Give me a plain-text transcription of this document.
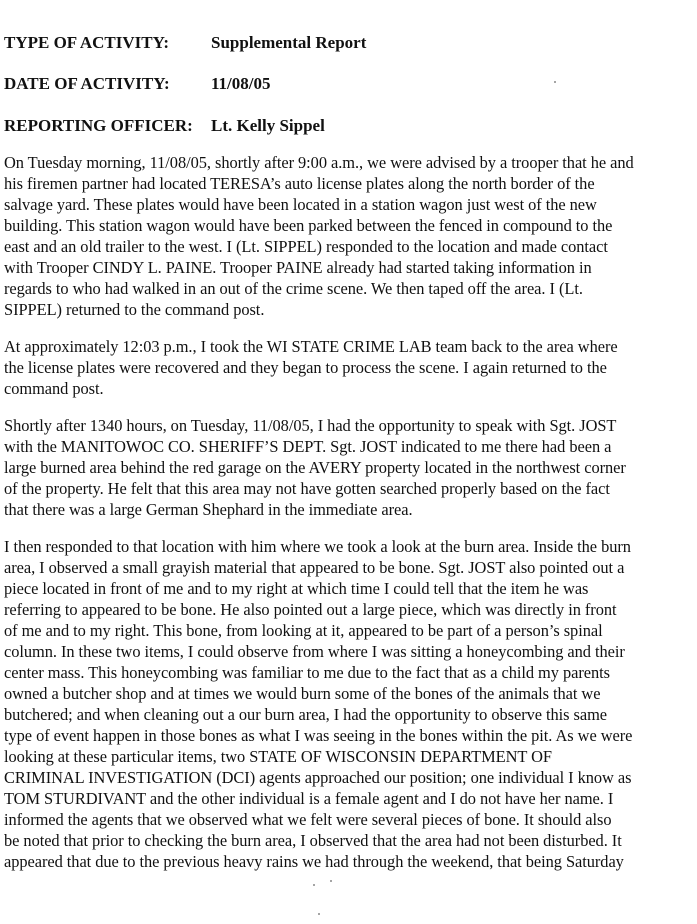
TYPE OF ACTIVITY: Supplemental Report
DATE OF ACTIVITY: 11/08/05
REPORTING OFFICER: Lt. Kelly Sippel
On Tuesday morning, 11/08/05, shortly after 9:00 a.m., we were advised by a trooper that he and
his firemen partner had located TERESA’s auto license plates along the north border of the
salvage yard. These plates would have been located in a station wagon just west of the new
building. This station wagon would have been parked between the fenced in compound to the
east and an old trailer to the west. I (Lt. SIPPEL) responded to the location and made contact
with Trooper CINDY L. PAINE. Trooper PAINE already had started taking information in
regards to who had walked in an out of the crime scene. We then taped off the area. I (Lt.
SIPPEL) returned to the command post.
At approximately 12:03 p.m., I took the WI STATE CRIME LAB team back to the area where
the license plates were recovered and they began to process the scene. I again returned to the
command post.
Shortly after 1340 hours, on Tuesday, 11/08/05, I had the opportunity to speak with Sgt. JOST
with the MANITOWOC CO. SHERIFF’S DEPT. Sgt. JOST indicated to me there had been a
large burned area behind the red garage on the AVERY property located in the northwest corner
of the property. He felt that this area may not have gotten searched properly based on the fact
that there was a large German Shephard in the immediate area.
I then responded to that location with him where we took a look at the burn area. Inside the burn
area, I observed a small grayish material that appeared to be bone. Sgt. JOST also pointed out a
piece located in front of me and to my right at which time I could tell that the item he was
referring to appeared to be bone. He also pointed out a large piece, which was directly in front
of me and to my right. This bone, from looking at it, appeared to be part of a person’s spinal
column. In these two items, I could observe from where I was sitting a honeycombing and their
center mass. This honeycombing was familiar to me due to the fact that as a child my parents
owned a butcher shop and at times we would burn some of the bones of the animals that we
butchered; and when cleaning out a our burn area, I had the opportunity to observe this same
type of event happen in those bones as what I was seeing in the bones within the pit. As we were
looking at these particular items, two STATE OF WISCONSIN DEPARTMENT OF
CRIMINAL INVESTIGATION (DCI) agents approached our position; one individual I know as
TOM STURDIVANT and the other individual is a female agent and I do not have her name. I
informed the agents that we observed what we felt were several pieces of bone. It should also
be noted that prior to checking the burn area, I observed that the area had not been disturbed. It
appeared that due to the previous heavy rains we had through the weekend, that being Saturday
